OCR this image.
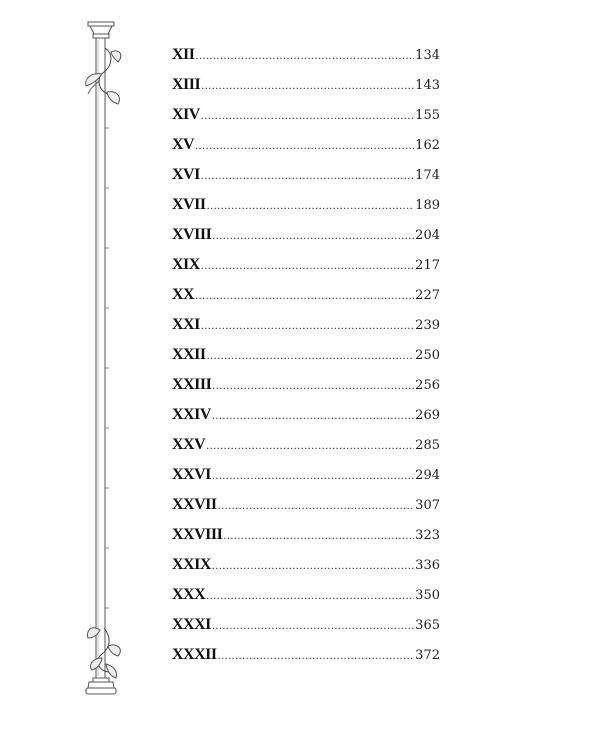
XII .....	134
XIII .....	143
XIV .....	155
XV .....	162
XVI .....	174
XVII .....	189
XVIII .....	204
XIX .....	217
XX .....	227
XXI .....	239
XXII .....	250
XXIII .....	256
XXIV .....	269
XXV .....	285
XXVI .....	294
XXVII .....	307
XXVIII .....	323
XXIX .....	336
XXX .....	350
XXXI .....	365
XXXII .....	372
